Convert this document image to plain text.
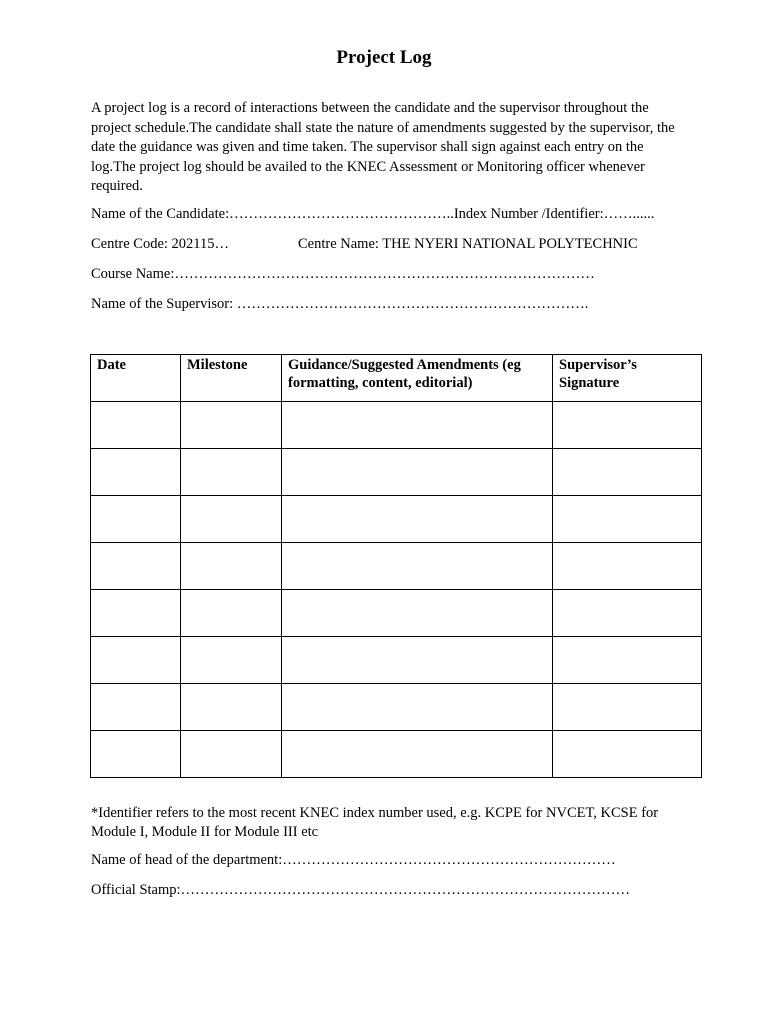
Project Log

A project log is a record of interactions between the candidate and the supervisor throughout the project schedule.The candidate shall state the nature of amendments suggested by the supervisor, the date the guidance was given and time taken. The supervisor shall sign against each entry on the log.The project log should be availed to the KNEC Assessment or Monitoring officer whenever required.

Name of the Candidate:………………………………………..Index Number /Identifier:……......
Centre Code: 202115…	Centre Name: THE NYERI NATIONAL POLYTECHNIC
Course Name:……………………………………………………………………………
Name of the Supervisor: ……………………………………………………………….
Date	Milestone	Guidance/Suggested Amendments (eg formatting, content, editorial)	Supervisor’s Signature

*Identifier refers to the most recent KNEC index number used, e.g. KCPE for NVCET, KCSE for Module I, Module II for Module III etc

Name of head of the department:……………………………………………………………
Official Stamp:…………………………………………………………………………………
